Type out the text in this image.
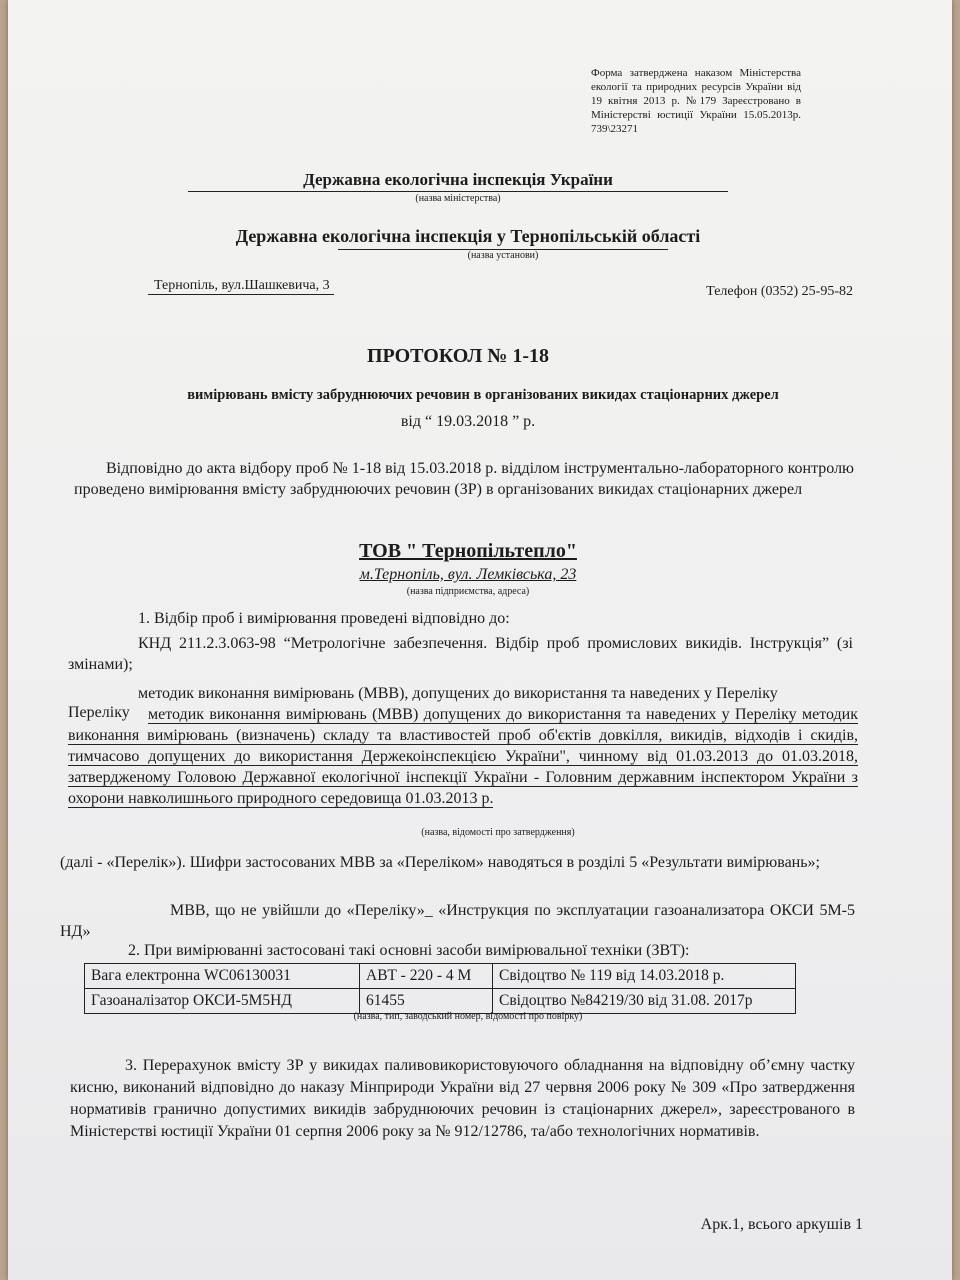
Форма затверджена наказом Міністерства екології та природних ресурсів України від 19 квітня 2013 р. №179 Зареєстровано в Міністерстві юстиції України 15.05.2013р. 739\23271
Державна екологічна інспекція України
(назва міністерства)
Державна екологічна інспекція у Тернопільській області
(назва установи)
Тернопіль, вул.Шашкевича, 3	Телефон (0352) 25-95-82
ПРОТОКОЛ № 1-18
вимірювань вмісту забруднюючих речовин в організованих викидах стаціонарних джерел
від “ 19.03.2018 ” р.
Відповідно до акта відбору проб № 1-18 від 15.03.2018 р. відділом інструментально-лабораторного контролю проведено вимірювання вмісту забруднюючих речовин (ЗР) в організованих викидах стаціонарних джерел
ТОВ " Тернопільтепло"
м.Тернопіль, вул. Лемківська, 23
(назва підприємства, адреса)
1. Відбір проб і вимірювання проведені відповідно до:
КНД 211.2.3.063-98 “Метрологічне забезпечення. Відбір проб промислових викидів. Інструкція” (зі змінами);
методик виконання вимірювань (МВВ), допущених до використання та наведених у Переліку
Переліку	методик виконання вимірювань (МВВ) допущених до використання та наведених у Переліку методик виконання вимірювань (визначень) складу та властивостей проб об'єктів довкілля, викидів, відходів і скидів, тимчасово допущених до використання Держекоінспекцією України", чинному від 01.03.2013 до 01.03.2018, затвердженому Головою Державної екологічної інспекції України - Головним державним інспектором України з охорони навколишнього природного середовища 01.03.2013 р.
(назва, відомості про затвердження)
(далі - «Перелік»). Шифри застосованих МВВ за «Переліком» наводяться в розділі 5 «Результати вимірювань»;
МВВ, що не увійшли до «Переліку»_ «Инструкция по эксплуатации газоанализатора ОКСИ 5М-5 НД»
2. При вимірюванні застосовані такі основні засоби вимірювальної техніки (ЗВТ):
Вага електронна WC06130031	АВТ - 220 - 4 М	Свідоцтво № 119 від 14.03.2018 р.
Газоаналізатор ОКСИ-5М5НД	61455	Свідоцтво №84219/30 від 31.08. 2017р
(назва, тип, заводський номер, відомості про повірку)
3. Перерахунок вмісту ЗР у викидах паливовикористовуючого обладнання на відповідну об’ємну частку кисню, виконаний відповідно до наказу Мінприроди України від 27 червня 2006 року № 309 «Про затвердження нормативів гранично допустимих викидів забруднюючих речовин із стаціонарних джерел», зареєстрованого в Міністерстві юстиції України 01 серпня 2006 року за № 912/12786, та/або технологічних нормативів.
Арк.1, всього аркушів 1
